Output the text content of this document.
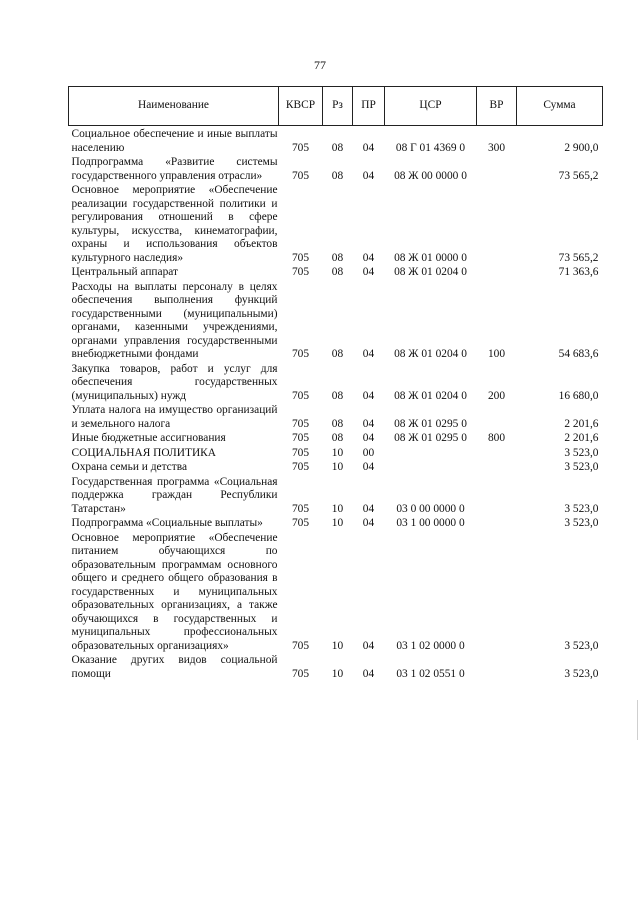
77
Наименование	КВСР	Рз	ПР	ЦСР	ВР	Сумма
Социальное обеспечение и иные выплаты населению	705	08	04	08 Г 01 4369 0	300	2 900,0
Подпрограмма «Развитие системы государственного управления отрасли»	705	08	04	08 Ж 00 0000 0		73 565,2
Основное мероприятие «Обеспечение реализации государственной политики и регулирования отношений в сфере культуры, искусства, кинематографии, охраны и использования объектов культурного наследия»	705	08	04	08 Ж 01 0000 0		73 565,2
Центральный аппарат	705	08	04	08 Ж 01 0204 0		71 363,6
Расходы на выплаты персоналу в целях обеспечения выполнения функций государственными (муниципальными) органами, казенными учреждениями, органами управления государственными внебюджетными фондами	705	08	04	08 Ж 01 0204 0	100	54 683,6
Закупка товаров, работ и услуг для обеспечения государственных (муниципальных) нужд	705	08	04	08 Ж 01 0204 0	200	16 680,0
Уплата налога на имущество организаций и земельного налога	705	08	04	08 Ж 01 0295 0		2 201,6
Иные бюджетные ассигнования	705	08	04	08 Ж 01 0295 0	800	2 201,6
СОЦИАЛЬНАЯ ПОЛИТИКА	705	10	00			3 523,0
Охрана семьи и детства	705	10	04			3 523,0
Государственная программа «Социальная поддержка граждан Республики Татарстан»	705	10	04	03 0 00 0000 0		3 523,0
Подпрограмма «Социальные выплаты»	705	10	04	03 1 00 0000 0		3 523,0
Основное мероприятие «Обеспечение питанием обучающихся по образовательным программам основного общего и среднего общего образования в государственных и муниципальных образовательных организациях, а также обучающихся в государственных и муниципальных профессиональных образовательных организациях»	705	10	04	03 1 02 0000 0		3 523,0
Оказание других видов социальной помощи	705	10	04	03 1 02 0551 0		3 523,0
